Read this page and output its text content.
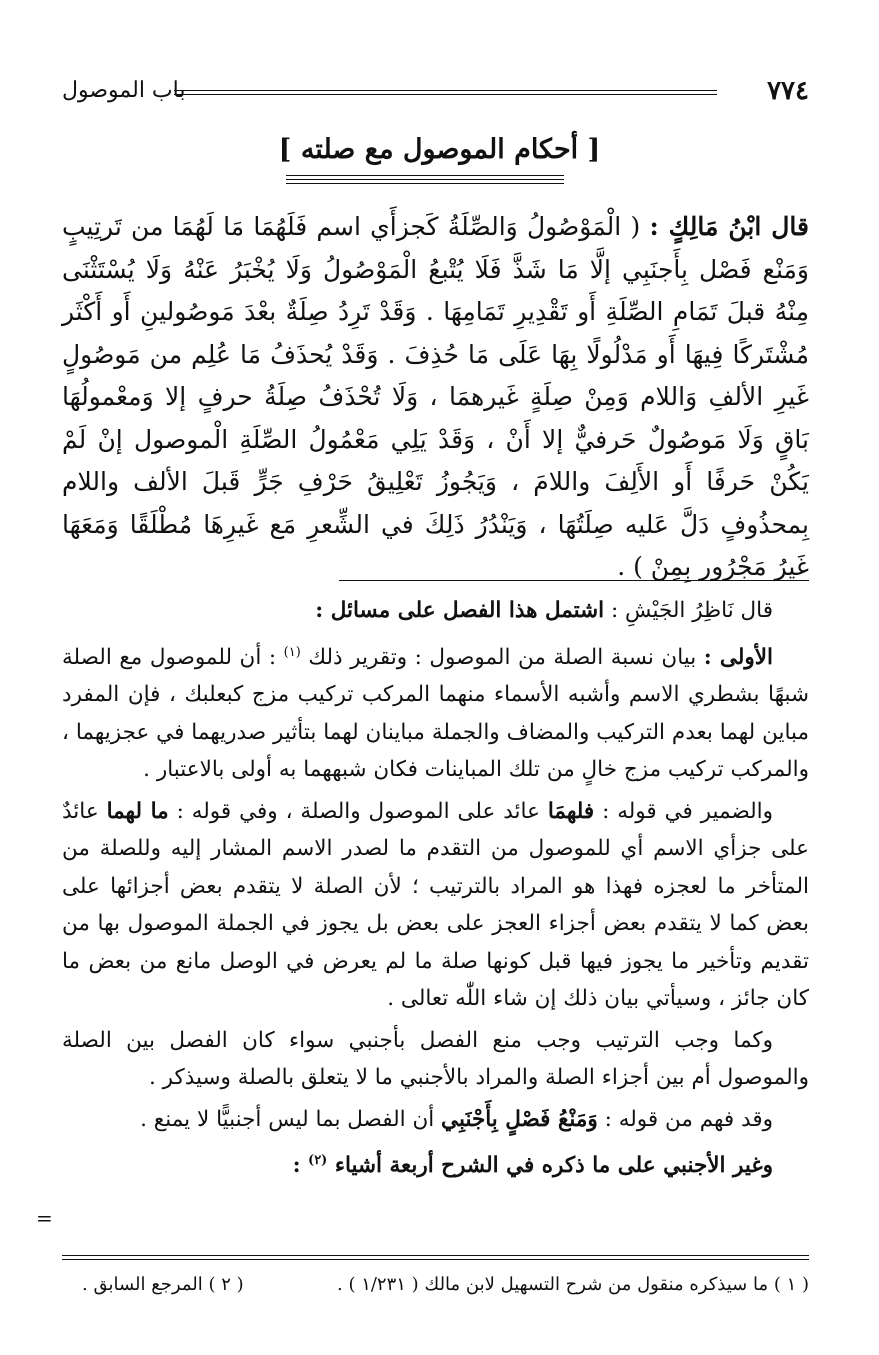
٧٧٤
باب الموصول
[ أحكام الموصول مع صلته ]
قال ابْنُ مَالِكٍ : ( الْمَوْصُولُ وَالصِّلَةُ كَجزأَي اسم فَلَهُمَا مَا لَهُمَا من تَرتِيبٍ وَمَنْع فَصْل بِأَجنَبِي إلَّا مَا شَذَّ فَلَا يُتْبعُ الْمَوْصُولُ وَلَا يُخْبَرُ عَنْهُ وَلَا يُسْتَثْنَى مِنْهُ قبلَ تَمَامِ الصِّلَةِ أَو تَقْدِيرِ تَمَامِهَا . وَقَدْ تَرِدُ صِلَةٌ بعْدَ مَوصُولينِ أَو أَكْثَر مُشْتَركًا فِيهَا أَو مَدْلُولًا بِهَا عَلَى مَا حُذِفَ . وَقَدْ يُحذَفُ مَا عُلِم من مَوصُولٍ غَيرِ الألفِ وَاللام وَمِنْ صِلَةٍ غَيرهمَا ، وَلَا تُحْذَفُ صِلَةُ حرفٍ إلا وَمعْمولُهَا بَاقٍ وَلَا مَوصُولٌ حَرفيٌّ إلا أَنْ ، وَقَدْ يَلِي مَعْمُولُ الصِّلَةِ الْموصول إنْ لَمْ يَكُنْ حَرفًا أَو الأَلِفَ واللامَ ، وَيَجُوزُ تَعْلِيقُ حَرْفِ جَرٍّ قَبلَ الألف واللام بِمحذُوفٍ دَلَّ عَليه صِلَتُهَا ، وَيَنْدُرُ ذَلِكَ في الشِّعرِ مَع غَيرِهَا مُطْلَقًا وَمَعَهَا غَيرُ مَجْرُور بِمِنْ ) .

قال نَاظِرُ الجَيْشِ : اشتمل هذا الفصل على مسائل :

الأولى : بيان نسبة الصلة من الموصول : وتقرير ذلك $^{(١)}$ : أن للموصول مع الصلة شبهًا بشطري الاسم وأشبه الأسماء منهما المركب تركيب مزج كبعلبك ، فإن المفرد مباين لهما بعدم التركيب والمضاف والجملة مباينان لهما بتأثير صدريهما في عجزيهما ، والمركب تركيب مزج خالٍ من تلك المباينات فكان شبههما به أولى بالاعتبار .

والضمير في قوله : فلهمَا عائد على الموصول والصلة ، وفي قوله : ما لهما عائدٌ على جزأي الاسم أي للموصول من التقدم ما لصدر الاسم المشار إليه وللصلة من المتأخر ما لعجزه فهذا هو المراد بالترتيب ؛ لأن الصلة لا يتقدم بعض أجزائها على بعض كما لا يتقدم بعض أجزاء العجز على بعض بل يجوز في الجملة الموصول بها من تقديم وتأخير ما يجوز فيها قبل كونها صلة ما لم يعرض في الوصل مانع من بعض ما كان جائز ، وسيأتي بيان ذلك إن شاء اللّٰه تعالى .

وكما وجب الترتيب وجب منع الفصل بأجنبي سواء كان الفصل بين الصلة والموصول أم بين أجزاء الصلة والمراد بالأجنبي ما لا يتعلق بالصلة وسيذكر .

وقد فهم من قوله : وَمَنْعُ فَصْلٍ بِأَجْنَبِي أن الفصل بما ليس أجنبيًّا لا يمنع .

وغير الأجنبي على ما ذكره في الشرح أربعة أشياء $^{(٢)}$ :

=
( ١ ) ما سيذكره منقول من شرح التسهيل لابن مالك ( ١/٢٣١ ) .
( ٢ ) المرجع السابق .
